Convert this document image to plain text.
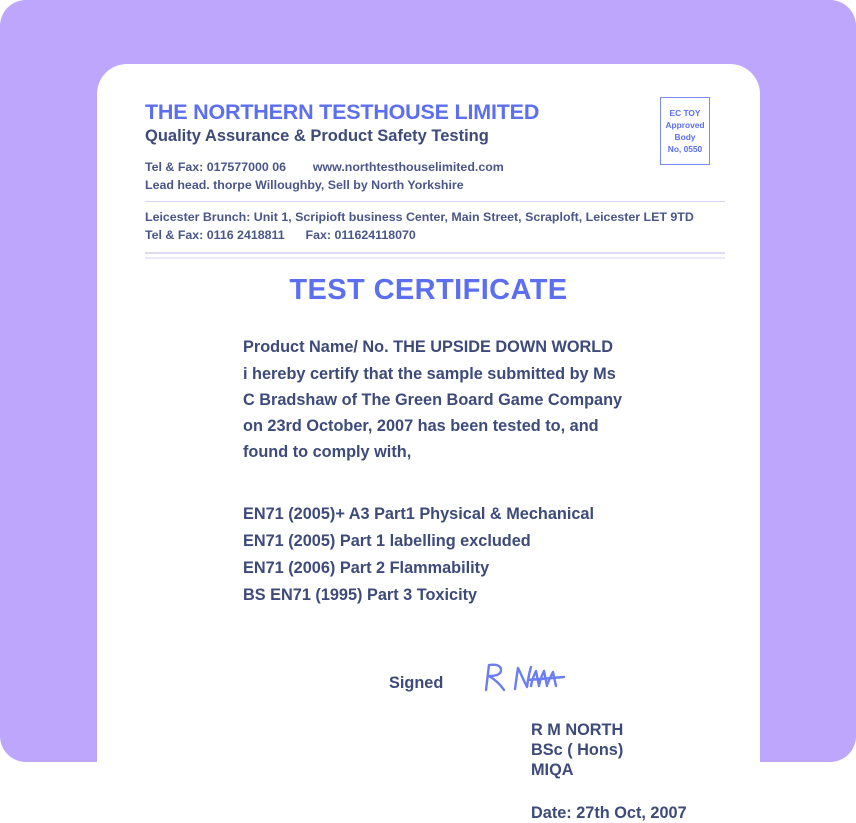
THE NORTHERN TESTHOUSE LIMITED
Quality Assurance & Product Safety Testing
Tel & Fax: 017577000 06 www.northtesthouselimited.com
Lead head. thorpe Willoughby, Sell by North Yorkshire
Leicester Brunch: Unit 1, Scripioft business Center, Main Street, Scraploft, Leicester LET 9TD
Tel & Fax: 0116 2418811 Fax: 011624118070
EC TOY
Approved
Body
No, 0550
TEST CERTIFICATE
Product Name/ No. THE UPSIDE DOWN WORLD
i hereby certify that the sample submitted by Ms
C Bradshaw of The Green Board Game Company
on 23rd October, 2007 has been tested to, and
found to comply with,
EN71 (2005)+ A3 Part1 Physical & Mechanical
EN71 (2005) Part 1 labelling excluded
EN71 (2006) Part 2 Flammability
BS EN71 (1995) Part 3 Toxicity
Signed
R M NORTH
BSc ( Hons)
MIQA
Date: 27th Oct, 2007
